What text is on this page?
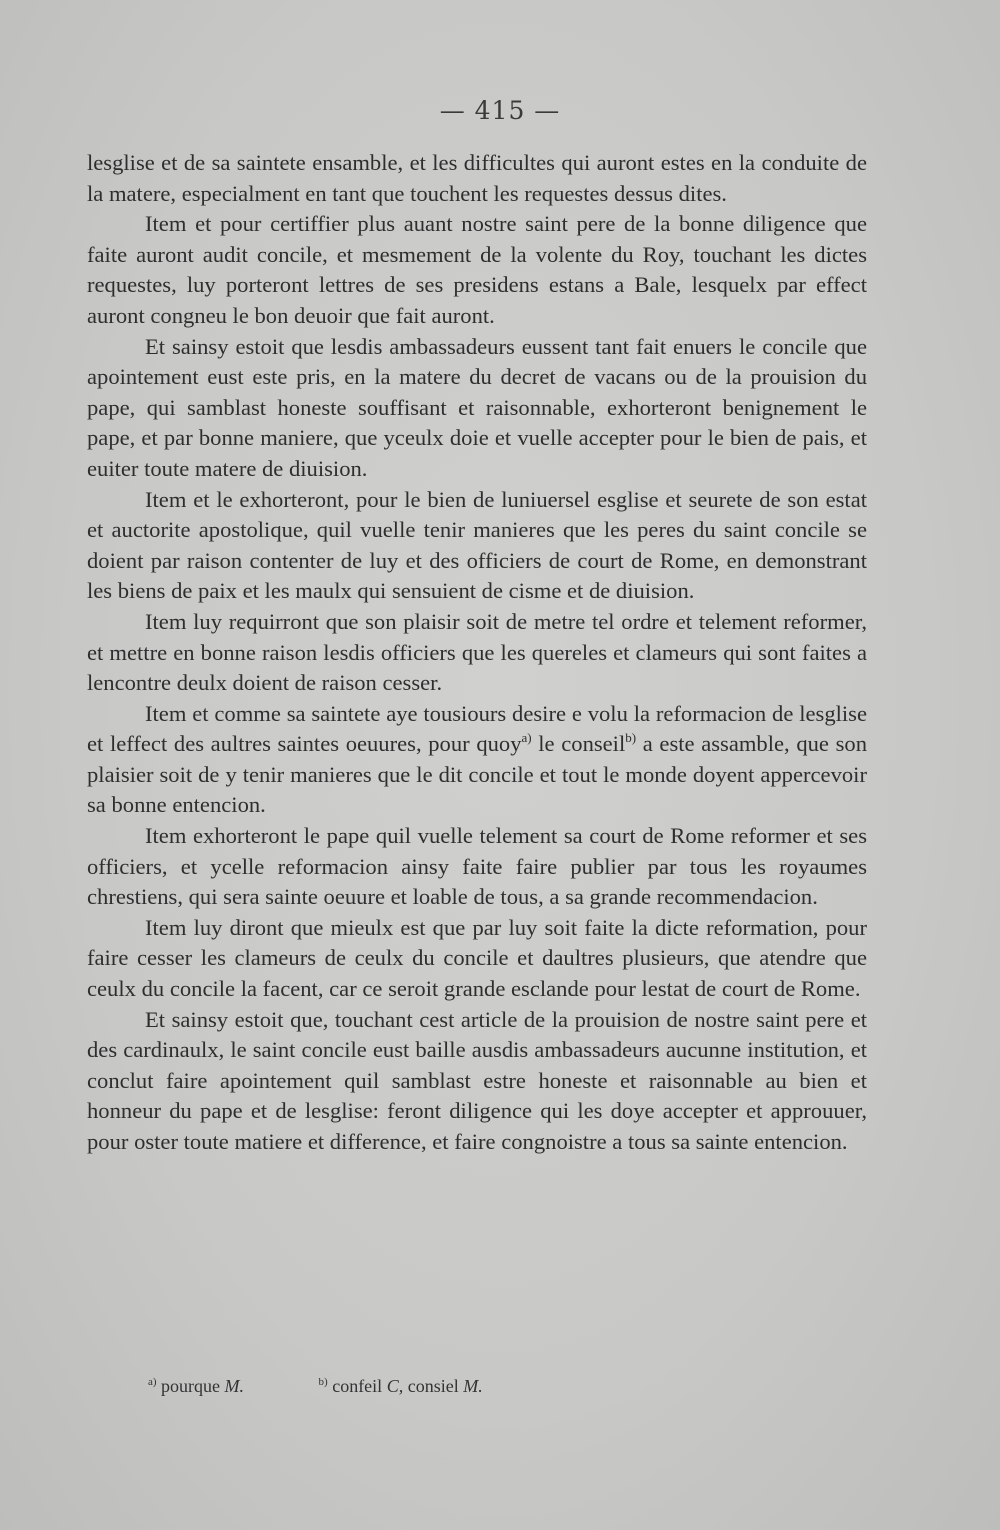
— 415 —

lesglise et de sa saintete ensamble, et les difficultes qui auront estes en la conduite de la matere, especialment en tant que touchent les requestes dessus dites.

Item et pour certiffier plus auant nostre saint pere de la bonne diligence que faite auront audit concile, et mesmement de la volente du Roy, touchant les dictes requestes, luy porteront lettres de ses presidens estans a Bale, lesquelx par effect auront congneu le bon deuoir que fait auront.

Et sainsy estoit que lesdis ambassadeurs eussent tant fait enuers le concile que apointement eust este pris, en la matere du decret de vacans ou de la prouision du pape, qui samblast honeste souffisant et raisonnable, exhorteront benignement le pape, et par bonne maniere, que yceulx doie et vuelle accepter pour le bien de pais, et euiter toute matere de diuision.

Item et le exhorteront, pour le bien de luniuersel esglise et seurete de son estat et auctorite apostolique, quil vuelle tenir manieres que les peres du saint concile se doient par raison contenter de luy et des officiers de court de Rome, en demonstrant les biens de paix et les maulx qui sensuient de cisme et de diuision.

Item luy requirront que son plaisir soit de metre tel ordre et telement reformer, et mettre en bonne raison lesdis officiers que les quereles et clameurs qui sont faites a lencontre deulx doient de raison cesser.

Item et comme sa saintete aye tousiours desire e volu la reformacion de lesglise et leffect des aultres saintes oeuures, pour quoy$^{a)}$ le conseil$^{b)}$ a este assamble, que son plaisier soit de y tenir manieres que le dit concile et tout le monde doyent appercevoir sa bonne entencion.

Item exhorteront le pape quil vuelle telement sa court de Rome reformer et ses officiers, et ycelle reformacion ainsy faite faire publier par tous les royaumes chrestiens, qui sera sainte oeuure et loable de tous, a sa grande recommendacion.

Item luy diront que mieulx est que par luy soit faite la dicte reformation, pour faire cesser les clameurs de ceulx du concile et daultres plusieurs, que atendre que ceulx du concile la facent, car ce seroit grande esclande pour lestat de court de Rome.

Et sainsy estoit que, touchant cest article de la prouision de nostre saint pere et des cardinaulx, le saint concile eust baille ausdis ambassadeurs aucunne institution, et conclut faire apointement quil samblast estre honeste et raisonnable au bien et honneur du pape et de lesglise: feront diligence qui les doye accepter et approuuer, pour oster toute matiere et difference, et faire congnoistre a tous sa sainte entencion.

$^{a)}$ pourque M.	$^{b)}$ confeil C, consiel M.
